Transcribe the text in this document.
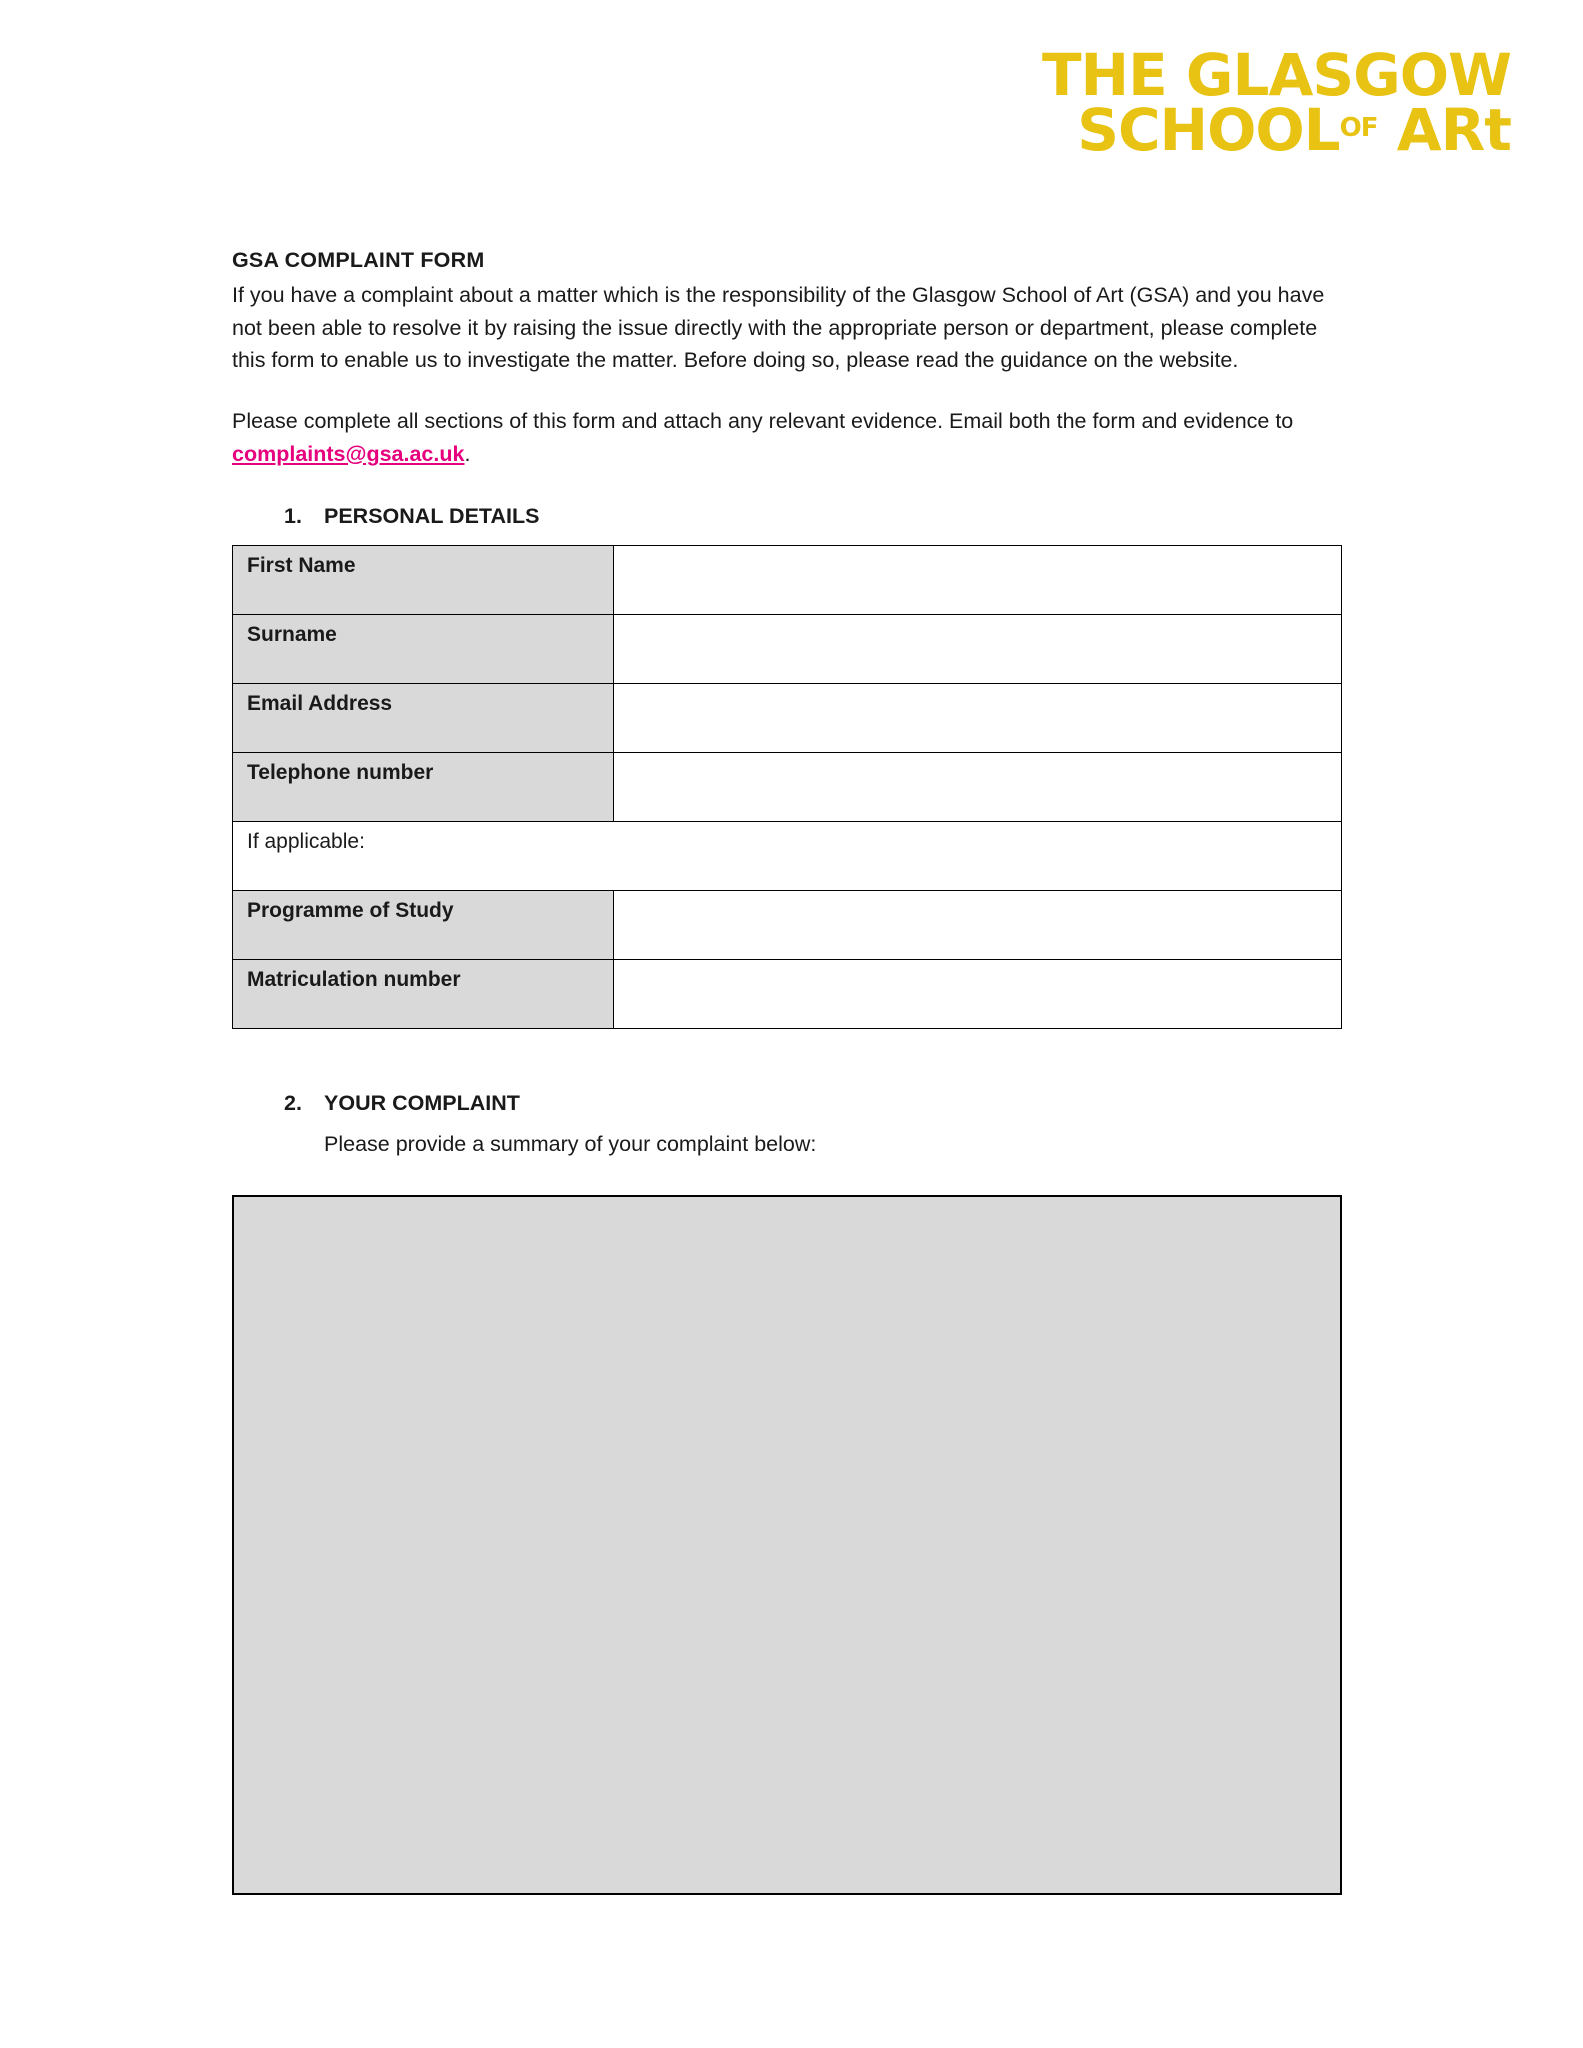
THE GLASGOW
SCHOOLOF ARt
GSA COMPLAINT FORM

If you have a complaint about a matter which is the responsibility of the Glasgow School of Art (GSA) and you have not been able to resolve it by raising the issue directly with the appropriate person or department, please complete this form to enable us to investigate the matter. Before doing so, please read the guidance on the website.

Please complete all sections of this form and attach any relevant evidence. Email both the form and evidence to complaints@gsa.ac.uk.

1. PERSONAL DETAILS
First Name	
Surname	
Email Address	
Telephone number	
If applicable:	
Programme of Study	
Matriculation number	
2. YOUR COMPLAINT
Please provide a summary of your complaint below:
